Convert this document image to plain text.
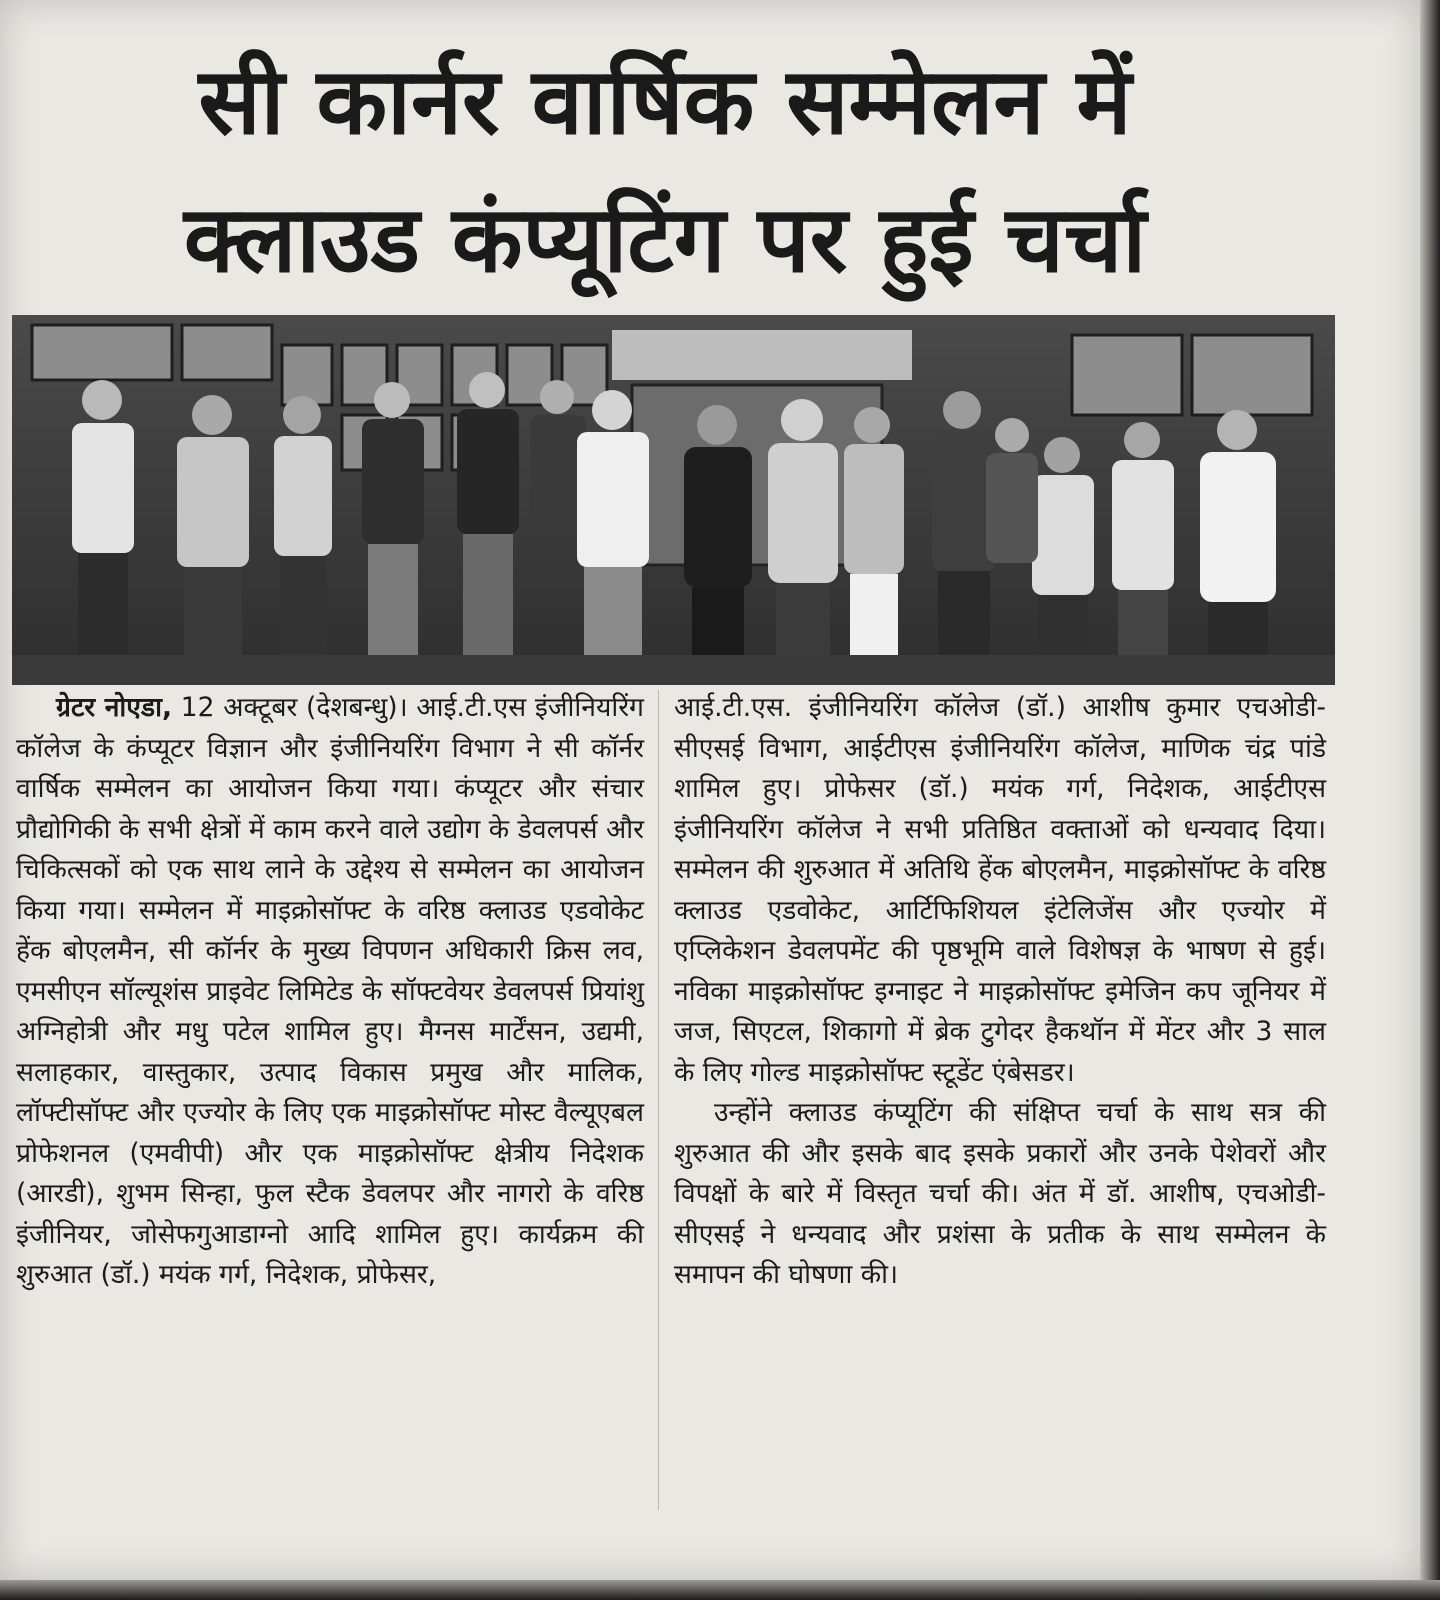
सी कार्नर वार्षिक सम्मेलन में
क्लाउड कंप्यूटिंग पर हुई चर्चा
ग्रेटर नोएडा, 12 अक्टूबर (देशबन्धु)। आई.टी.एस इंजीनियरिंग कॉलेज के कंप्यूटर विज्ञान और इंजीनियरिंग विभाग ने सी कॉर्नर वार्षिक सम्मेलन का आयोजन किया गया। कंप्यूटर और संचार प्रौद्योगिकी के सभी क्षेत्रों में काम करने वाले उद्योग के डेवलपर्स और चिकित्सकों को एक साथ लाने के उद्देश्य से सम्मेलन का आयोजन किया गया। सम्मेलन में माइक्रोसॉफ्ट के वरिष्ठ क्लाउड एडवोकेट हेंक बोएलमैन, सी कॉर्नर के मुख्य विपणन अधिकारी क्रिस लव, एमसीएन सॉल्यूशंस प्राइवेट लिमिटेड के सॉफ्टवेयर डेवलपर्स प्रियांशु अग्निहोत्री और मधु पटेल शामिल हुए। मैग्नस मार्टेंसन, उद्यमी, सलाहकार, वास्तुकार, उत्पाद विकास प्रमुख और मालिक, लॉफ्टीसॉफ्ट और एज्योर के लिए एक माइक्रोसॉफ्ट मोस्ट वैल्यूएबल प्रोफेशनल (एमवीपी) और एक माइक्रोसॉफ्ट क्षेत्रीय निदेशक (आरडी), शुभम सिन्हा, फुल स्टैक डेवलपर और नागरो के वरिष्ठ इंजीनियर, जोसेफगुआडाग्नो आदि शामिल हुए। कार्यक्रम की शुरुआत (डॉ.) मयंक गर्ग, निदेशक, प्रोफेसर,
आई.टी.एस. इंजीनियरिंग कॉलेज (डॉ.) आशीष कुमार एचओडी-सीएसई विभाग, आईटीएस इंजीनियरिंग कॉलेज, माणिक चंद्र पांडे शामिल हुए। प्रोफेसर (डॉ.) मयंक गर्ग, निदेशक, आईटीएस इंजीनियरिंग कॉलेज ने सभी प्रतिष्ठित वक्ताओं को धन्यवाद दिया। सम्मेलन की शुरुआत में अतिथि हेंक बोएलमैन, माइक्रोसॉफ्ट के वरिष्ठ क्लाउड एडवोकेट, आर्टिफिशियल इंटेलिजेंस और एज्योर में एप्लिकेशन डेवलपमेंट की पृष्ठभूमि वाले विशेषज्ञ के भाषण से हुई। नविका माइक्रोसॉफ्ट इग्नाइट ने माइक्रोसॉफ्ट इमेजिन कप जूनियर में जज, सिएटल, शिकागो में ब्रेक टुगेदर हैकथॉन में मेंटर और 3 साल के लिए गोल्ड माइक्रोसॉफ्ट स्टूडेंट एंबेसडर।
उन्होंने क्लाउड कंप्यूटिंग की संक्षिप्त चर्चा के साथ सत्र की शुरुआत की और इसके बाद इसके प्रकारों और उनके पेशेवरों और विपक्षों के बारे में विस्तृत चर्चा की। अंत में डॉ. आशीष, एचओडी-सीएसई ने धन्यवाद और प्रशंसा के प्रतीक के साथ सम्मेलन के समापन की घोषणा की।
